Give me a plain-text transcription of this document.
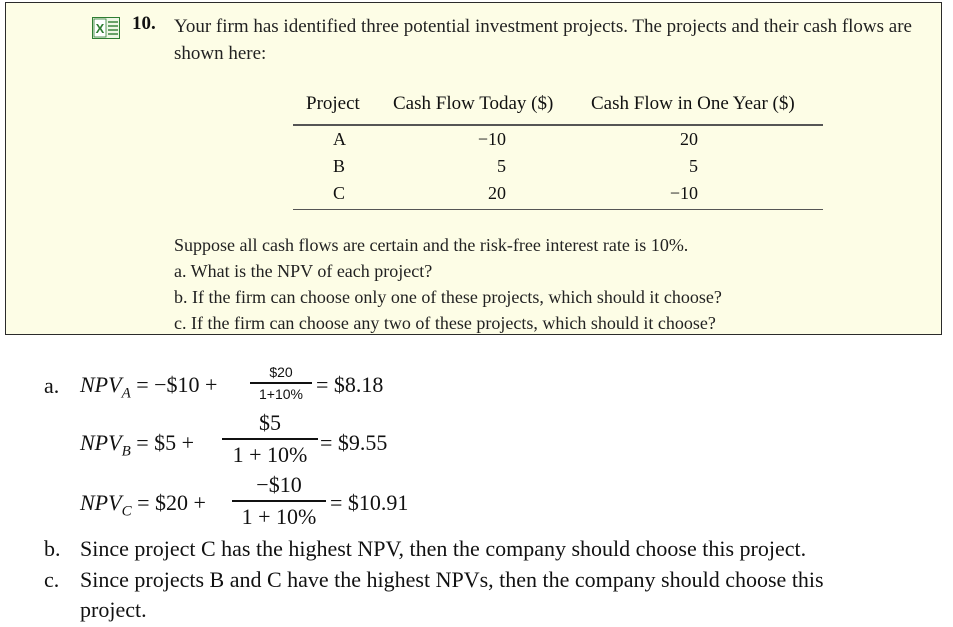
X 10. Your firm has identified three potential investment projects. The projects and their cash flows are shown here:
Project Cash Flow Today ($) Cash Flow in One Year ($)
A	−10	20
B	5	5
C	20	−10
Suppose all cash flows are certain and the risk-free interest rate is 10%.
a. What is the NPV of each project?
b. If the firm can choose only one of these projects, which should it choose?
c. If the firm can choose any two of these projects, which should it choose?
a. $NPV_A$ = −$10 +	$20
1+10% = $8.18
$NPV_B$ = $5 +
$5
1 + 10% = $9.55
$NPV_C$ = $20 +
−$10
1 + 10%
= $10.91
b. Since project C has the highest NPV, then the company should choose this project.
c. Since projects B and C have the highest NPVs, then the company should choose this
project.
